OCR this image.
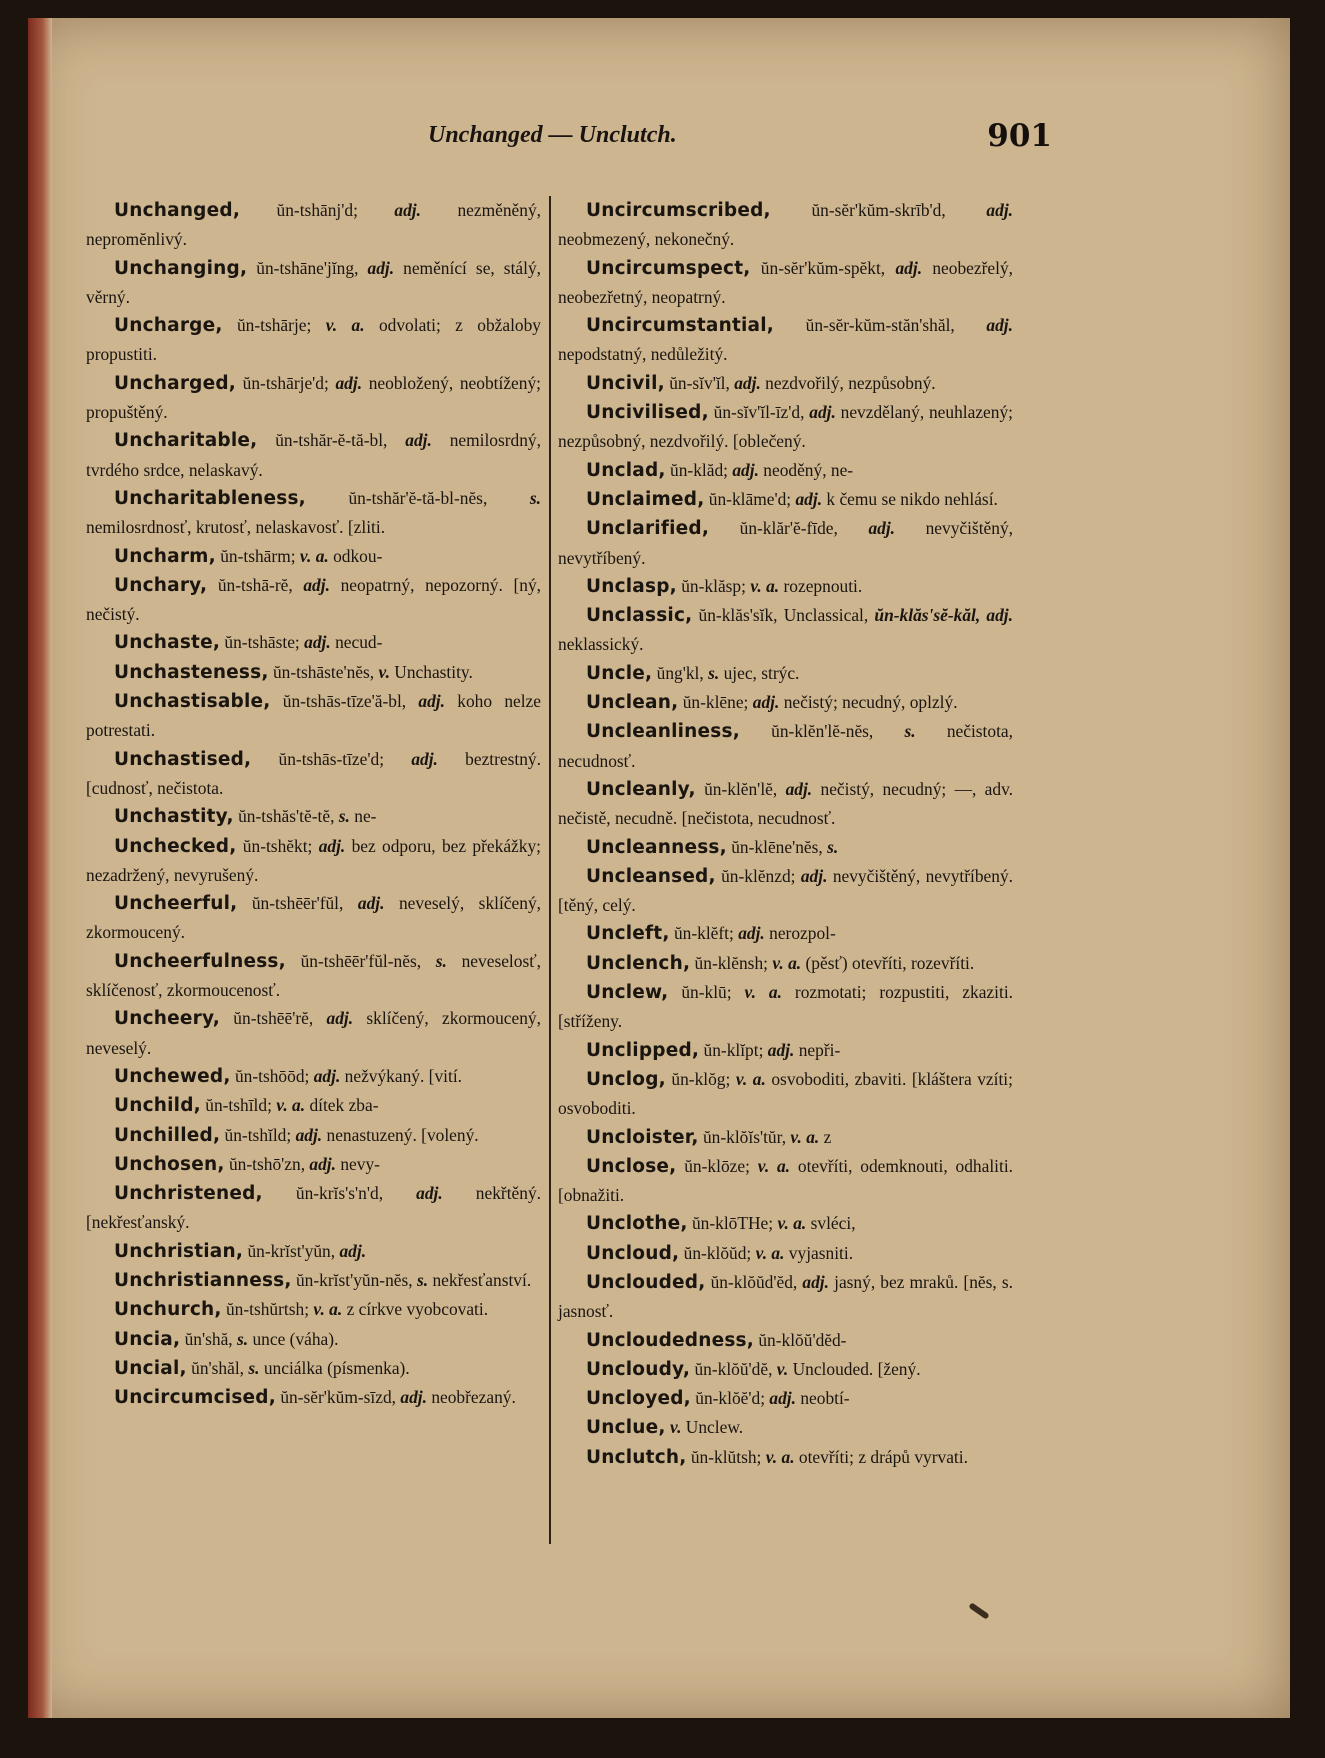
Unchanged — Unclutch.	901

Unchanged, ŭn-tshānj'd; adj. nezměněný, nepromĕnlivý.

Unchanging, ŭn-tshāne'jĭng, adj. neměnící se, stálý, věrný.

Uncharge, ŭn-tshārje; v. a. odvolati; z obžaloby propustiti.

Uncharged, ŭn-tshārje'd; adj. neobložený, neobtížený; propuštěný.

Uncharitable, ŭn-tshăr-ĕ-tă-bl, adj. nemilosrdný, tvrdého srdce, nelaskavý.

Uncharitableness, ŭn-tshăr'ĕ-tă-bl-nĕs, s. nemilosrdnosť, krutosť, nelaskavosť. [zliti.

Uncharm, ŭn-tshārm; v. a. odkou-

Unchary, ŭn-tshā-rĕ, adj. neopatrný, nepozorný. [ný, nečistý.

Unchaste, ŭn-tshāste; adj. necud-

Unchasteness, ŭn-tshāste'nĕs, v. Unchastity.

Unchastisable, ŭn-tshās-tīze'ă-bl, adj. koho nelze potrestati.

Unchastised, ŭn-tshās-tīze'd; adj. beztrestný. [cudnosť, nečistota.

Unchastity, ŭn-tshăs'tĕ-tĕ, s. ne-

Unchecked, ŭn-tshĕkt; adj. bez odporu, bez překážky; nezadržený, nevyrušený.

Uncheerful, ŭn-tshēēr'fŭl, adj. neveselý, sklíčený, zkormoucený.

Uncheerfulness, ŭn-tshēēr'fŭl-nĕs, s. neveselosť, sklíčenosť, zkormoucenosť.

Uncheery, ŭn-tshēē'rĕ, adj. sklíčený, zkormoucený, neveselý.

Unchewed, ŭn-tshōōd; adj. nežvýkaný. [vití.

Unchild, ŭn-tshīld; v. a. dítek zba-

Unchilled, ŭn-tshĭld; adj. nenastuzený. [volený.

Unchosen, ŭn-tshō'zn, adj. nevy-

Unchristened, ŭn-krĭs's'n'd, adj. nekřtěný. [nekřesťanský.

Unchristian, ŭn-krĭst'yŭn, adj.

Unchristianness, ŭn-krĭst'yŭn-nĕs, s. nekřesťanství.

Unchurch, ŭn-tshŭrtsh; v. a. z církve vyobcovati.

Uncia, ŭn'shă, s. unce (váha).

Uncial, ŭn'shăl, s. unciálka (písmenka).

Uncircumcised, ŭn-sĕr'kŭm-sīzd, adj. neobřezaný.

Uncircumscribed, ŭn-sĕr'kŭm-skrīb'd, adj. neobmezený, nekonečný.

Uncircumspect, ŭn-sĕr'kŭm-spĕkt, adj. neobezřelý, neobezřetný, neopatrný.

Uncircumstantial, ŭn-sĕr-kŭm-stăn'shăl, adj. nepodstatný, nedůležitý.

Uncivil, ŭn-sĭv'ĭl, adj. nezdvořilý, nezpůsobný.

Uncivilised, ŭn-sĭv'ĭl-īz'd, adj. nevzdělaný, neuhlazený; nezpůsobný, nezdvořilý. [oblečený.

Unclad, ŭn-klăd; adj. neoděný, ne-

Unclaimed, ŭn-klāme'd; adj. k čemu se nikdo nehlásí.

Unclarified, ŭn-klăr'ĕ-fīde, adj. nevyčištěný, nevytříbený.

Unclasp, ŭn-klăsp; v. a. rozepnouti.

Unclassic, ŭn-klăs'sĭk, Unclassical, ŭn-klăs'sĕ-kăl, adj. neklassický.

Uncle, ŭng'kl, s. ujec, strýc.

Unclean, ŭn-klēne; adj. nečistý; necudný, oplzlý.

Uncleanliness, ŭn-klĕn'lĕ-nĕs, s. nečistota, necudnosť.

Uncleanly, ŭn-klĕn'lĕ, adj. nečistý, necudný; —, adv. nečistě, necudně. [nečistota, necudnosť.

Uncleanness, ŭn-klēne'nĕs, s.

Uncleansed, ŭn-klĕnzd; adj. nevyčištěný, nevytříbený. [těný, celý.

Uncleft, ŭn-klĕft; adj. nerozpol-

Unclench, ŭn-klĕnsh; v. a. (pěsť) otevříti, rozevříti.

Unclew, ŭn-klū; v. a. rozmotati; rozpustiti, zkaziti. [stříženy.

Unclipped, ŭn-klĭpt; adj. nepři-

Unclog, ŭn-klŏg; v. a. osvoboditi, zbaviti. [kláštera vzíti; osvoboditi.

Uncloister, ŭn-klŏĭs'tŭr, v. a. z

Unclose, ŭn-klōze; v. a. otevříti, odemknouti, odhaliti. [obnažiti.

Unclothe, ŭn-klōTHe; v. a. svléci,

Uncloud, ŭn-klŏŭd; v. a. vyjasniti.

Unclouded, ŭn-klŏŭd'ĕd, adj. jasný, bez mraků. [nĕs, s. jasnosť.

Uncloudedness, ŭn-klŏŭ'dĕd-

Uncloudy, ŭn-klŏŭ'dĕ, v. Unclouded. [žený.

Uncloyed, ŭn-klŏĕ'd; adj. neobtí-

Unclue, v. Unclew.

Unclutch, ŭn-klŭtsh; v. a. otevříti; z drápů vyrvati.
